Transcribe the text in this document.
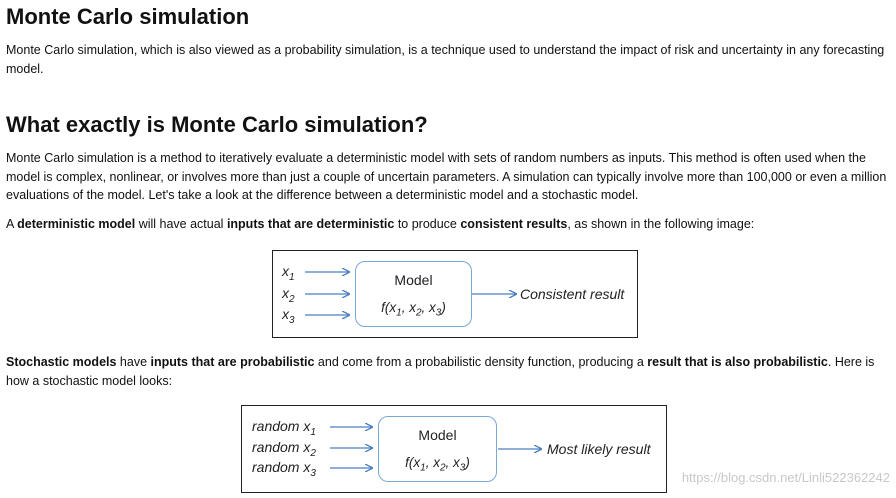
Monte Carlo simulation

Monte Carlo simulation, which is also viewed as a probability simulation, is a technique used to understand the impact of risk and uncertainty in any forecasting model.

What exactly is Monte Carlo simulation?

Monte Carlo simulation is a method to iteratively evaluate a deterministic model with sets of random numbers as inputs. This method is often used when the model is complex, nonlinear, or involves more than just a couple of uncertain parameters. A simulation can typically involve more than 100,000 or even a million evaluations of the model. Let's take a look at the difference between a deterministic model and a stochastic model.

A deterministic model will have actual inputs that are deterministic to produce consistent results, as shown in the following image:

$x_1$
$x_2$
$x_3$
Model
$f(x_1$, $x_2$, $x_3$)
Consistent result

Stochastic models have inputs that are probabilistic and come from a probabilistic density function, producing a result that is also probabilistic. Here is how a stochastic model looks:

random $x_1$
random $x_2$
random $x_3$
Model
$f(x_1$, $x_2$, $x_3$)
Most likely result
https://blog.csdn.net/Linli522362242
